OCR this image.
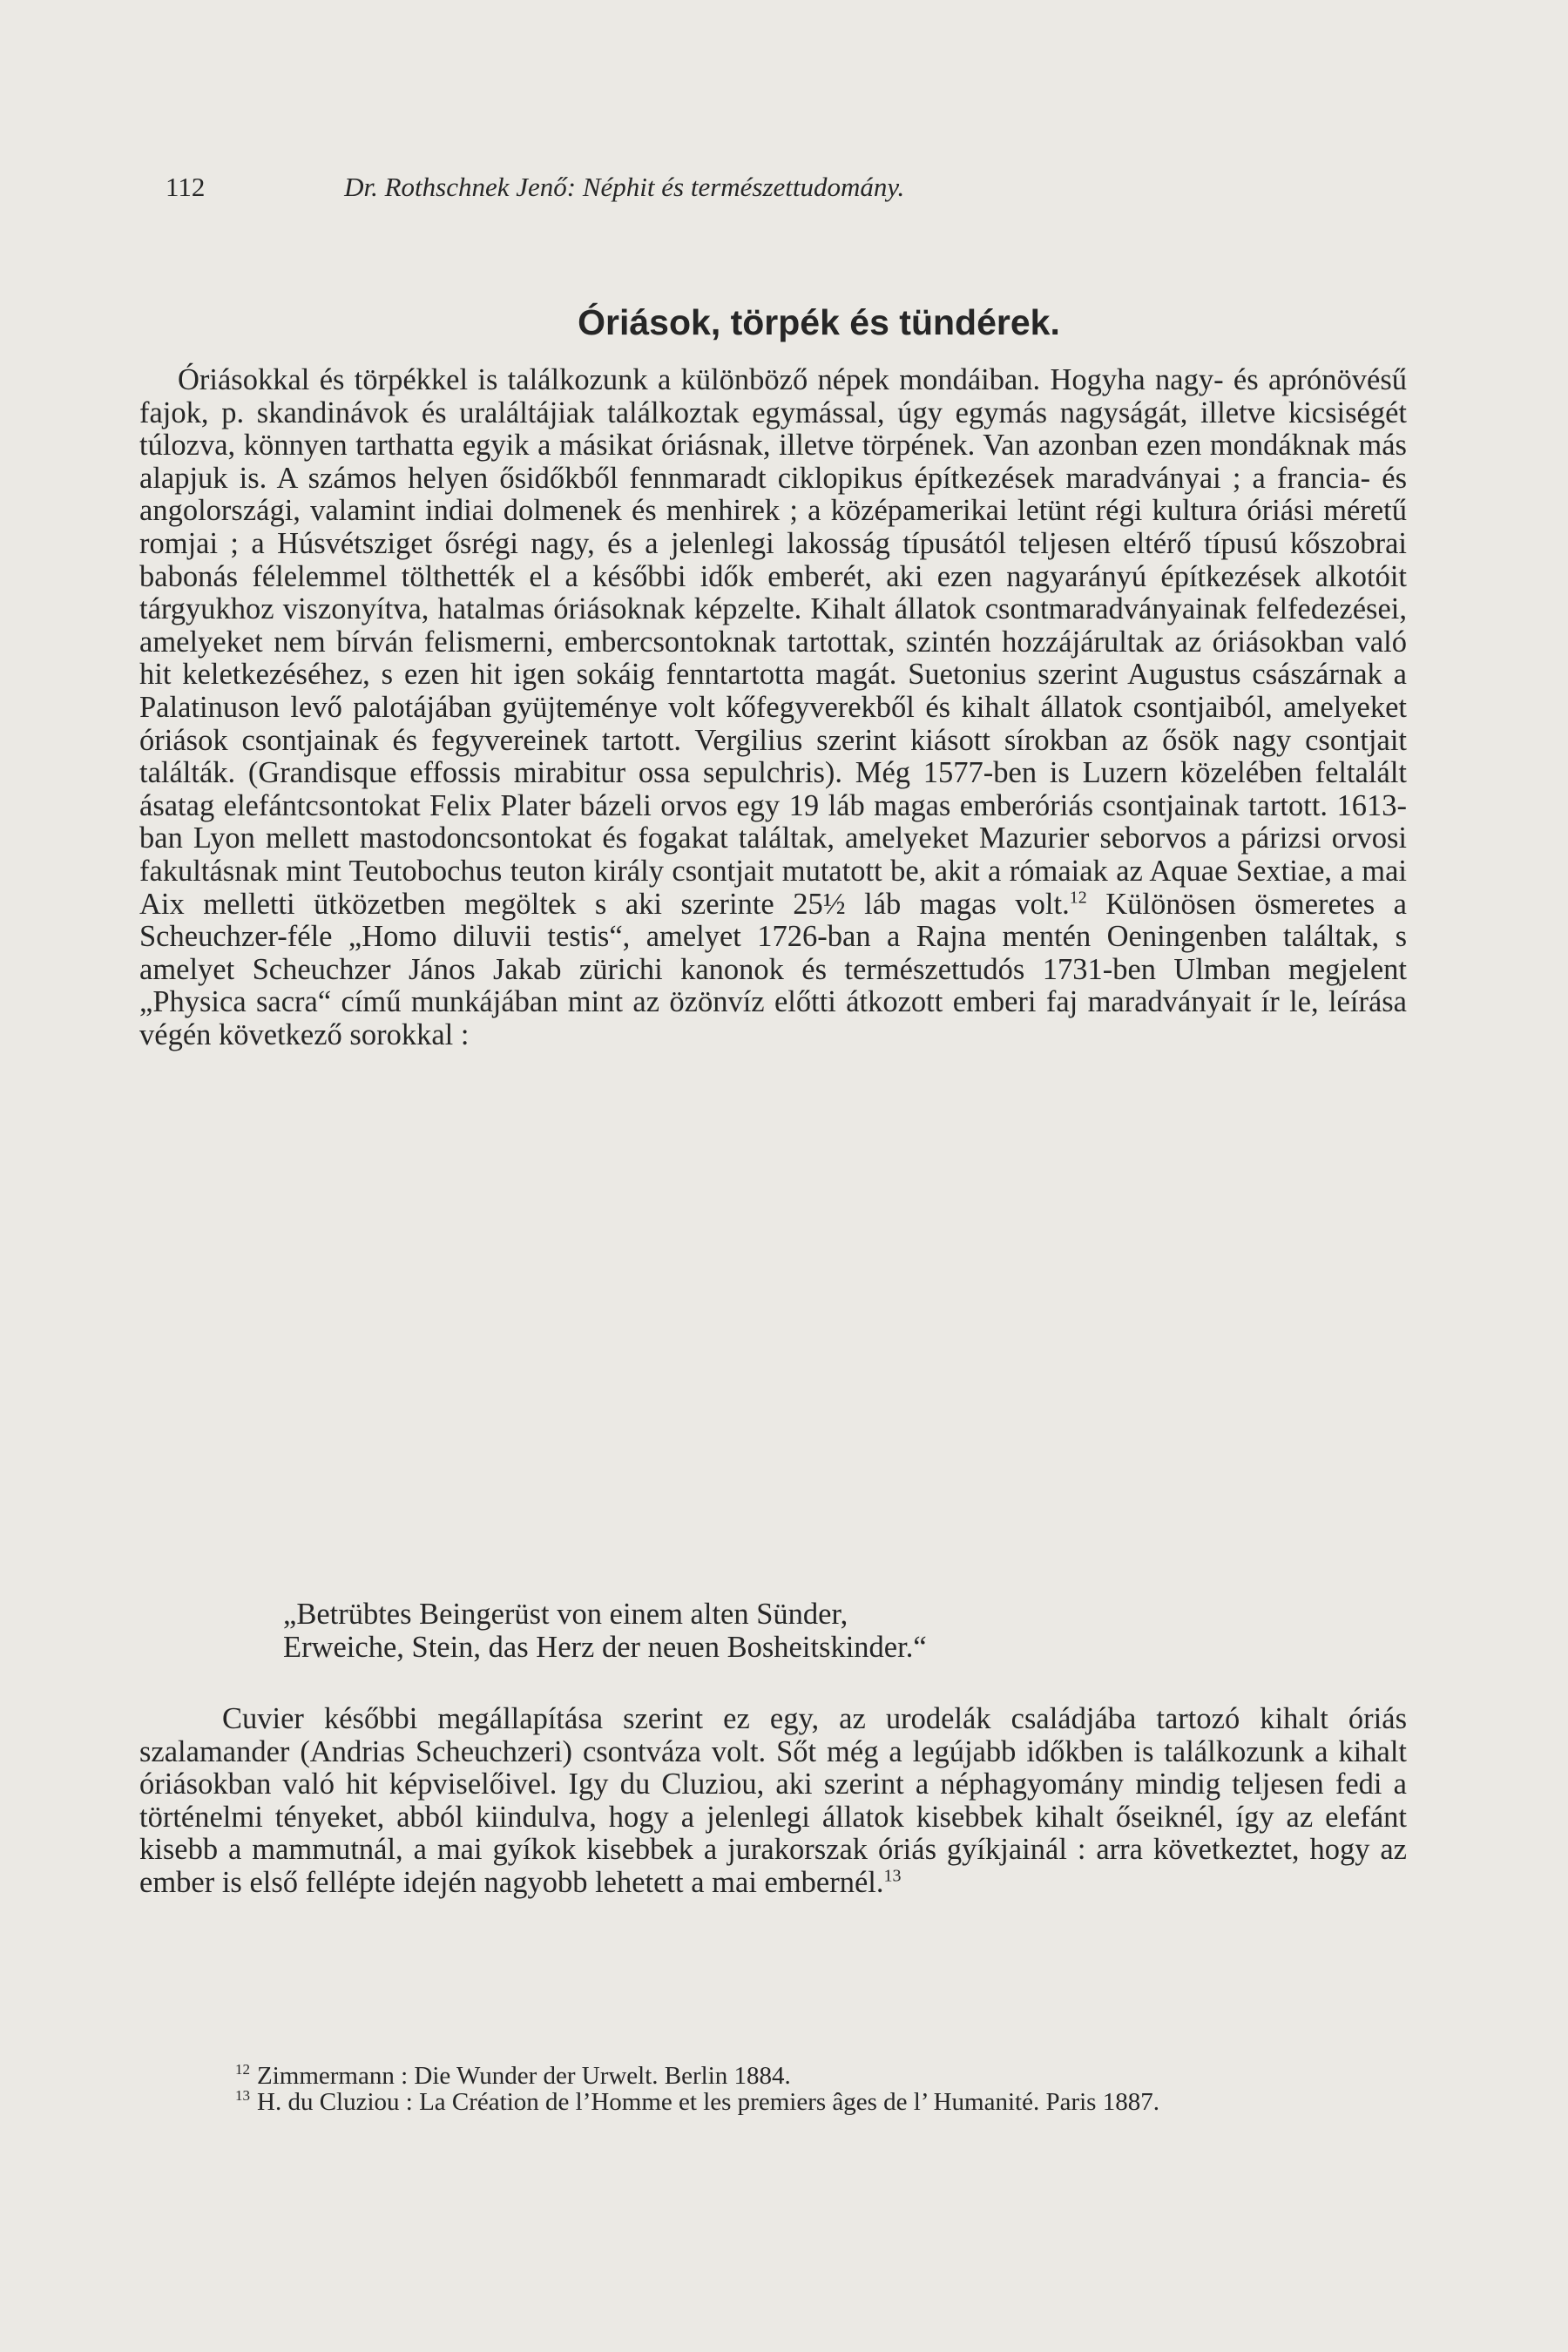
112	Dr. Rothschnek Jenő: Néphit és természettudomány.
Óriások, törpék és tündérek.

Óriásokkal és törpékkel is találkozunk a különböző népek mondáiban. Hogyha nagy- és aprónövésű fajok, p. skandinávok és uraláltájiak találkoztak egymással, úgy egymás nagyságát, illetve kicsiségét túlozva, könnyen tarthatta egyik a másikat óriásnak, illetve törpének. Van azonban ezen mondáknak más alapjuk is. A számos helyen ősidőkből fennmaradt ciklopikus építkezések maradványai ; a francia- és angolországi, valamint indiai dolmenek és menhirek ; a középamerikai letünt régi kultura óriási méretű romjai ; a Húsvétsziget ősrégi nagy, és a jelenlegi lakosság típusától teljesen eltérő típusú kőszobrai babonás félelemmel tölthették el a későbbi idők emberét, aki ezen nagyarányú építkezések alkotóit tárgyukhoz viszonyítva, hatalmas óriásoknak képzelte. Kihalt állatok csontmaradványainak felfedezései, amelyeket nem bírván felismerni, embercsontoknak tartottak, szintén hozzájárultak az óriásokban való hit keletkezéséhez, s ezen hit igen sokáig fenntartotta magát. Suetonius szerint Augustus császárnak a Palatinuson levő palotájában gyüjteménye volt kőfegyverekből és kihalt állatok csontjaiból, amelyeket óriások csontjainak és fegyvereinek tartott. Vergilius szerint kiásott sírokban az ősök nagy csontjait találták. (Grandisque effossis mirabitur ossa sepulchris). Még 1577-ben is Luzern közelében feltalált ásatag elefántcsontokat Felix Plater bázeli orvos egy 19 láb magas emberóriás csontjainak tartott. 1613-ban Lyon mellett mastodoncsontokat és fogakat találtak, amelyeket Mazurier seborvos a párizsi orvosi fakultásnak mint Teutobochus teuton király csontjait mutatott be, akit a rómaiak az Aquae Sextiae, a mai Aix melletti ütközetben megöltek s aki szerinte 25½ láb magas volt.$^{12}$ Különösen ösmeretes a Scheuchzer-féle „Homo diluvii testis“, amelyet 1726-ban a Rajna mentén Oeningenben találtak, s amelyet Scheuchzer János Jakab zürichi kanonok és természettudós 1731-ben Ulmban megjelent „Physica sacra“ című munkájában mint az özönvíz előtti átkozott emberi faj maradványait ír le, leírása végén következő sorokkal :

„Betrübtes Beingerüst von einem alten Sünder,
Erweiche, Stein, das Herz der neuen Bosheitskinder.“

Cuvier későbbi megállapítása szerint ez egy, az urodelák családjába tartozó kihalt óriás szalamander (Andrias Scheuchzeri) csontváza volt. Sőt még a legújabb időkben is találkozunk a kihalt óriásokban való hit képviselőivel. Igy du Cluziou, aki szerint a néphagyomány mindig teljesen fedi a történelmi tényeket, abból kiindulva, hogy a jelenlegi állatok kisebbek kihalt őseiknél, így az elefánt kisebb a mammutnál, a mai gyíkok kisebbek a jurakorszak óriás gyíkjainál : arra következtet, hogy az ember is első fellépte idején nagyobb lehetett a mai embernél.$^{13}$

$^{12}$ Zimmermann : Die Wunder der Urwelt. Berlin 1884.

$^{13}$ H. du Cluziou : La Création de l’Homme et les premiers âges de l’ Humanité. Paris 1887.
